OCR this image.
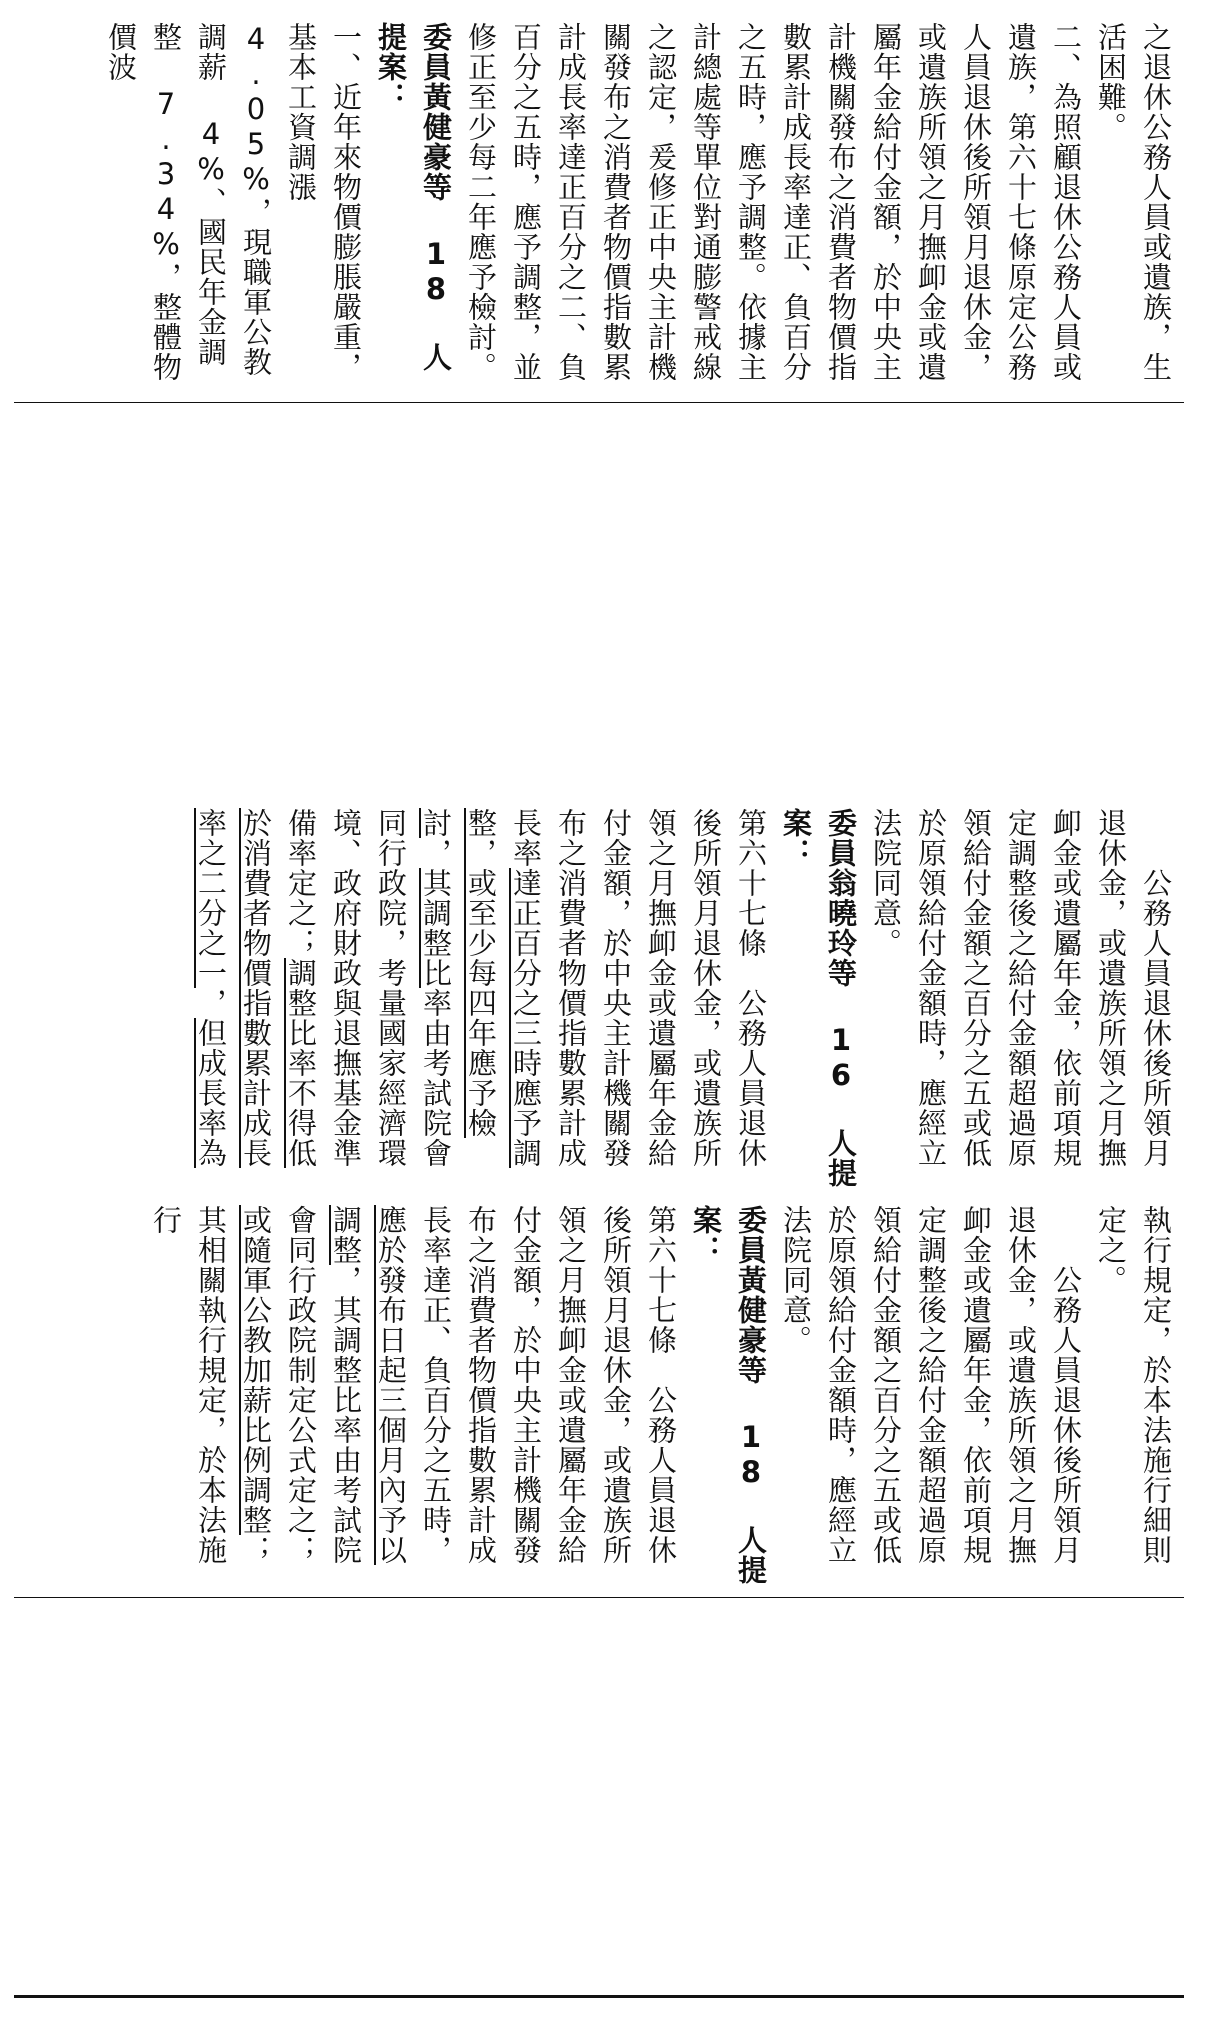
之退休公務人員或遺族，生活困難。

二、為照顧退休公務人員或遺族，第六十七條原定公務人員退休後所領月退休金，或遺族所領之月撫卹金或遺屬年金給付金額，於中央主計機關發布之消費者物價指數累計成長率達正、負百分之五時，應予調整。依據主計總處等單位對通膨警戒線之認定，爰修正中央主計機關發布之消費者物價指數累計成長率達正百分之二、負百分之五時，應予調整，並修正至少每二年應予檢討。

委員黃健豪等 18 人提案：

一、近年來物價膨脹嚴重，基本工資調漲 4.05%，現職軍公教調薪 4%、國民年金調整 7.34%，整體物價波

　　公務人員退休後所領月退休金，或遺族所領之月撫卹金或遺屬年金，依前項規定調整後之給付金額超過原領給付金額之百分之五或低於原領給付金額時，應經立法院同意。

委員翁曉玲等 16 人提案：

第六十七條　公務人員退休後所領月退休金，或遺族所領之月撫卹金或遺屬年金給付金額，於中央主計機關發布之消費者物價指數累計成長率達正百分之三時應予調整，或至少每四年應予檢討，其調整比率由考試院會同行政院，考量國家經濟環境、政府財政與退撫基金準備率定之；調整比率不得低於消費者物價指數累計成長率之二分之一，但成長率為

執行規定，於本法施行細則定之。

　　公務人員退休後所領月退休金，或遺族所領之月撫卹金或遺屬年金，依前項規定調整後之給付金額超過原領給付金額之百分之五或低於原領給付金額時，應經立法院同意。

委員黃健豪等 18 人提案：

第六十七條　公務人員退休後所領月退休金，或遺族所領之月撫卹金或遺屬年金給付金額，於中央主計機關發布之消費者物價指數累計成長率達正、負百分之五時，應於發布日起三個月內予以調整，其調整比率由考試院會同行政院制定公式定之；或隨軍公教加薪比例調整；其相關執行規定，於本法施行
